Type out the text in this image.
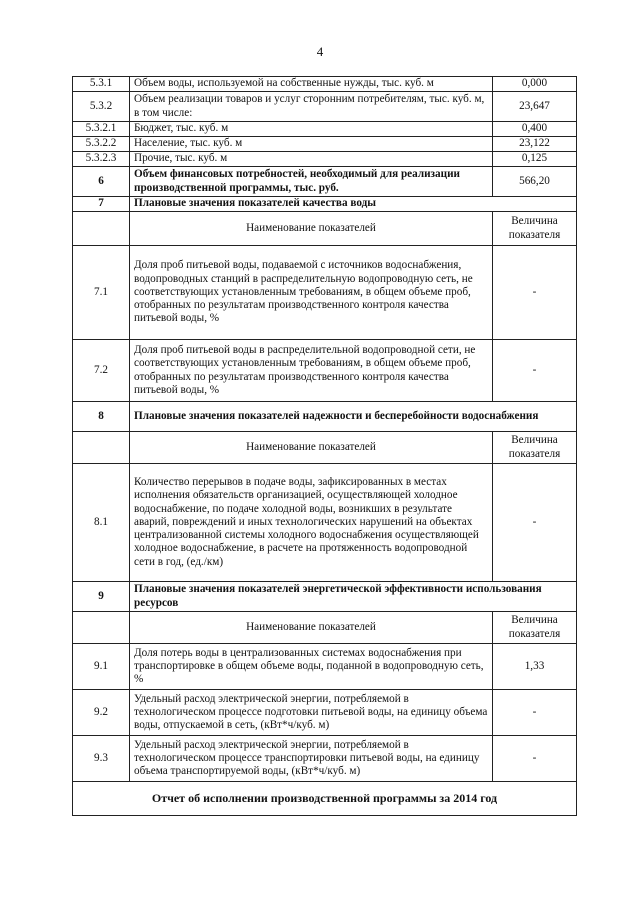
4
5.3.1	Объем воды, используемой на собственные нужды, тыс. куб. м	0,000
5.3.2	Объем реализации товаров и услуг сторонним потребителям, тыс. куб. м, в том числе:	23,647
5.3.2.1	Бюджет, тыс. куб. м	0,400
5.3.2.2	Население, тыс. куб. м	23,122
5.3.2.3	Прочие, тыс. куб. м	0,125
6	Объем финансовых потребностей, необходимый для реализации производственной программы, тыс. руб.	566,20
7	Плановые значения показателей качества воды	
	Наименование показателей	Величина показателя
7.1	Доля проб питьевой воды, подаваемой с источников водоснабжения, водопроводных станций в распределительную водопроводную сеть, не соответствующих установленным требованиям, в общем объеме проб, отобранных по результатам производственного контроля качества питьевой воды, %	-
7.2	Доля проб питьевой воды в распределительной водопроводной сети, не соответствующих установленным требованиям, в общем объеме проб, отобранных по результатам производственного контроля качества питьевой воды, %	-
8	Плановые значения показателей надежности и бесперебойности водоснабжения	
	Наименование показателей	Величина показателя
8.1	Количество перерывов в подаче воды, зафиксированных в местах исполнения обязательств организацией, осуществляющей холодное водоснабжение, по подаче холодной воды, возникших в результате аварий, повреждений и иных технологических нарушений на объектах централизованной системы холодного водоснабжения осуществляющей холодное водоснабжение, в расчете на протяженность водопроводной сети в год, (ед./км)	-
9	Плановые значения показателей энергетической эффективности использования ресурсов	
	Наименование показателей	Величина показателя
9.1	Доля потерь воды в централизованных системах водоснабжения при транспортировке в общем объеме воды, поданной в водопроводную сеть, %	1,33
9.2	Удельный расход электрической энергии, потребляемой в технологическом процессе подготовки питьевой воды, на единицу объема воды, отпускаемой в сеть, (кВт*ч/куб. м)	-
9.3	Удельный расход электрической энергии, потребляемой в технологическом процессе транспортировки питьевой воды, на единицу объема транспортируемой воды, (кВт*ч/куб. м)	-
Отчет об исполнении производственной программы за 2014 год		
